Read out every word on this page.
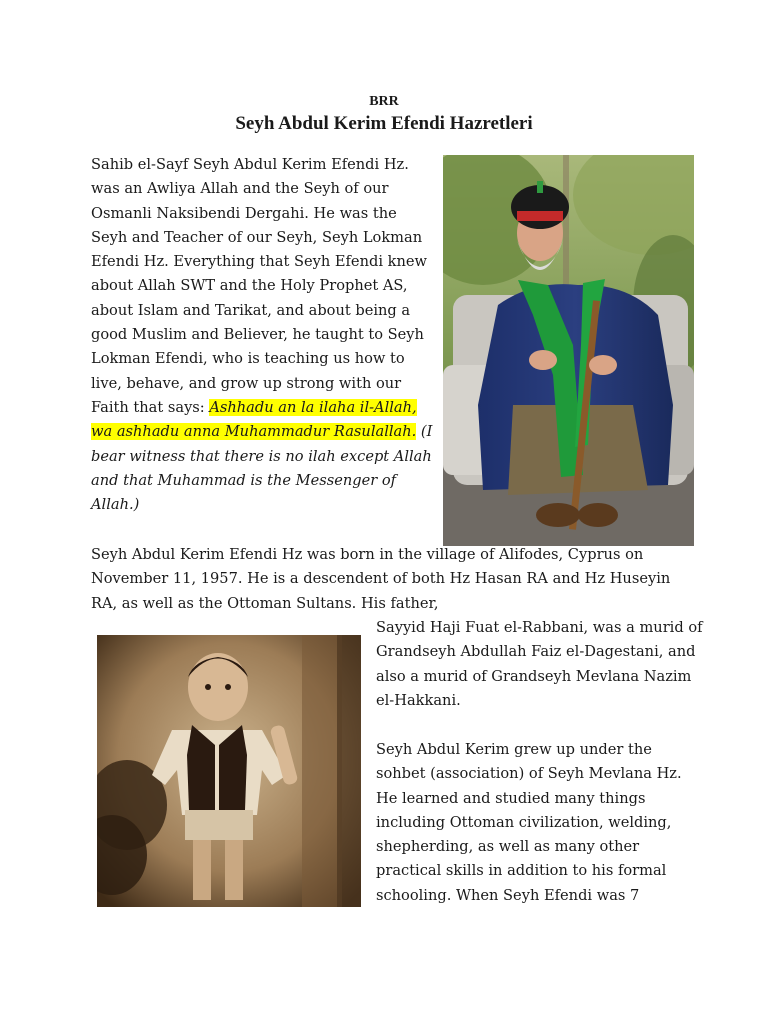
BRR
Seyh Abdul Kerim Efendi Hazretleri

Sahib el-Sayf Seyh Abdul Kerim Efendi Hz. was an Awliya Allah and the Seyh of our Osmanli Naksibendi Dergahi. He was the Seyh and Teacher of our Seyh, Seyh Lokman Efendi Hz. Everything that Seyh Efendi knew about Allah SWT and the Holy Prophet AS, about Islam and Tarikat, and about being a good Muslim and Believer, he taught to Seyh Lokman Efendi, who is teaching us how to live, behave, and grow up strong with our Faith that says: Ashhadu an la ilaha il-Allah, wa ashhadu anna Muhammadur Rasulallah. (I bear witness that there is no ilah except Allah and that Muhammad is the Messenger of Allah.)

Seyh Abdul Kerim Efendi Hz was born in the village of Alifodes, Cyprus on November 11, 1957. He is a descendent of both Hz Hasan RA and Hz Huseyin RA, as well as the Ottoman Sultans. His father,

Sayyid Haji Fuat el-Rabbani, was a murid of Grandseyh Abdullah Faiz el-Dagestani, and also a murid of Grandseyh Mevlana Nazim el-Hakkani.

Seyh Abdul Kerim grew up under the sohbet (association) of Seyh Mevlana Hz. He learned and studied many things including Ottoman civilization, welding, shepherding, as well as many other practical skills in addition to his formal schooling. When Seyh Efendi was 7
